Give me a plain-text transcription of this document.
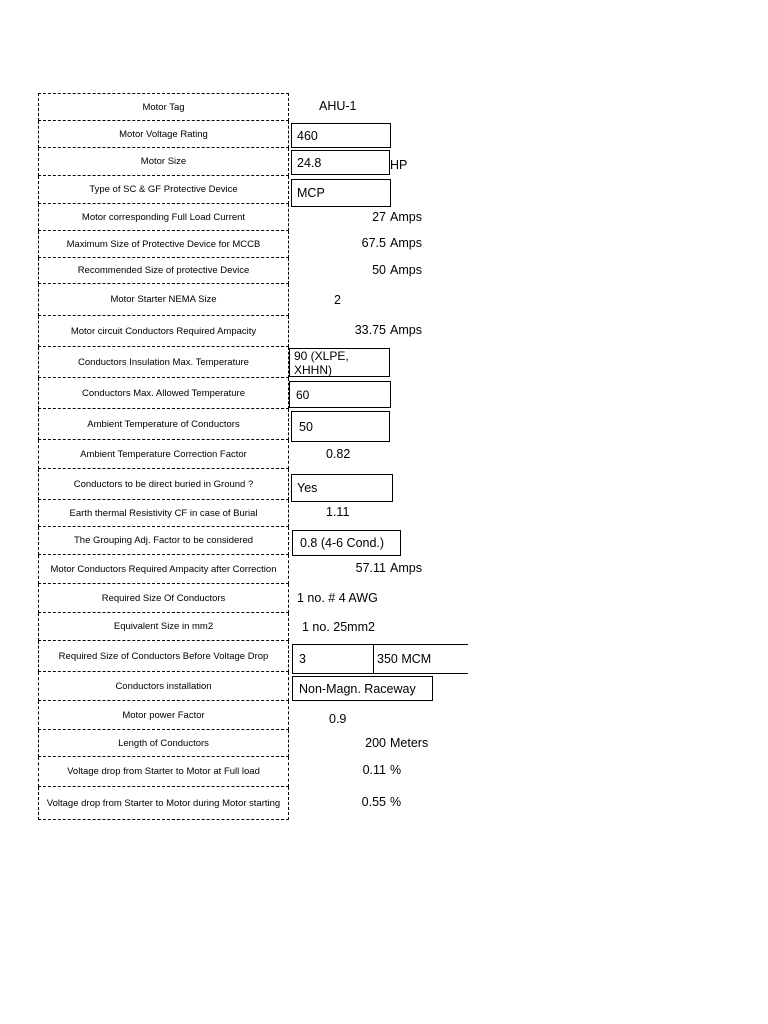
Motor Tag
Motor Voltage Rating
Motor Size
Type of SC & GF Protective Device
Motor corresponding Full Load Current
Maximum Size of Protective Device for MCCB
Recommended Size of protective Device
Motor Starter NEMA Size
Motor circuit Conductors Required Ampacity
Conductors Insulation Max. Temperature
Conductors Max. Allowed Temperature
Ambient Temperature of Conductors
Ambient Temperature Correction Factor
Conductors to be direct buried in Ground ?
Earth thermal Resistivity CF in case of Burial
The Grouping Adj. Factor to be considered
Motor Conductors Required Ampacity after Correction
Required Size Of Conductors
Equivalent Size in mm2
Required Size of Conductors Before Voltage Drop
Conductors installation
Motor power Factor
Length of Conductors
Voltage drop from Starter to Motor at Full load
Voltage drop from Starter to Motor during Motor starting
AHU-1
460
24.8	HP
MCP
27 Amps
67.5 Amps
50 Amps
2
33.75 Amps
90 (XLPE, XHHN)
60
50
0.82
Yes
1.11
0.8 (4-6 Cond.)
57.11 Amps
1 no. # 4 AWG
1 no. 25mm2
3	350 MCM
Non-Magn. Raceway
0.9
200 Meters
0.11 %
0.55 %
